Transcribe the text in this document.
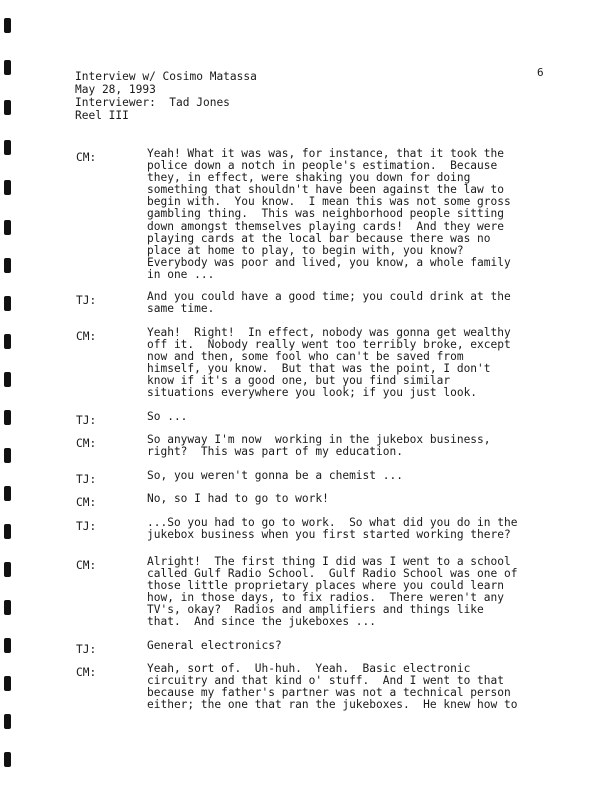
6
Interview w/ Cosimo Matassa
May 28, 1993
Interviewer:  Tad Jones
Reel III
CM:	Yeah! What it was was, for instance, that it took the
police down a notch in people's estimation.  Because
they, in effect, were shaking you down for doing
something that shouldn't have been against the law to
begin with.  You know.  I mean this was not some gross
gambling thing.  This was neighborhood people sitting
down amongst themselves playing cards!  And they were
playing cards at the local bar because there was no
place at home to play, to begin with, you know?
Everybody was poor and lived, you know, a whole family
in one ...
TJ:	And you could have a good time; you could drink at the
same time.
CM:	Yeah!  Right!  In effect, nobody was gonna get wealthy
off it.  Nobody really went too terribly broke, except
now and then, some fool who can't be saved from
himself, you know.  But that was the point, I don't
know if it's a good one, but you find similar
situations everywhere you look; if you just look.
TJ:	So ...
CM:	So anyway I'm now  working in the jukebox business,
right?  This was part of my education.
TJ:	So, you weren't gonna be a chemist ...
CM:	No, so I had to go to work!
TJ:	...So you had to go to work.  So what did you do in the
jukebox business when you first started working there?
CM:	Alright!  The first thing I did was I went to a school
called Gulf Radio School.  Gulf Radio School was one of
those little proprietary places where you could learn
how, in those days, to fix radios.  There weren't any
TV's, okay?  Radios and amplifiers and things like
that.  And since the jukeboxes ...
TJ:	General electronics?
CM:	Yeah, sort of.  Uh-huh.  Yeah.  Basic electronic
circuitry and that kind o' stuff.  And I went to that
because my father's partner was not a technical person
either; the one that ran the jukeboxes.  He knew how to
